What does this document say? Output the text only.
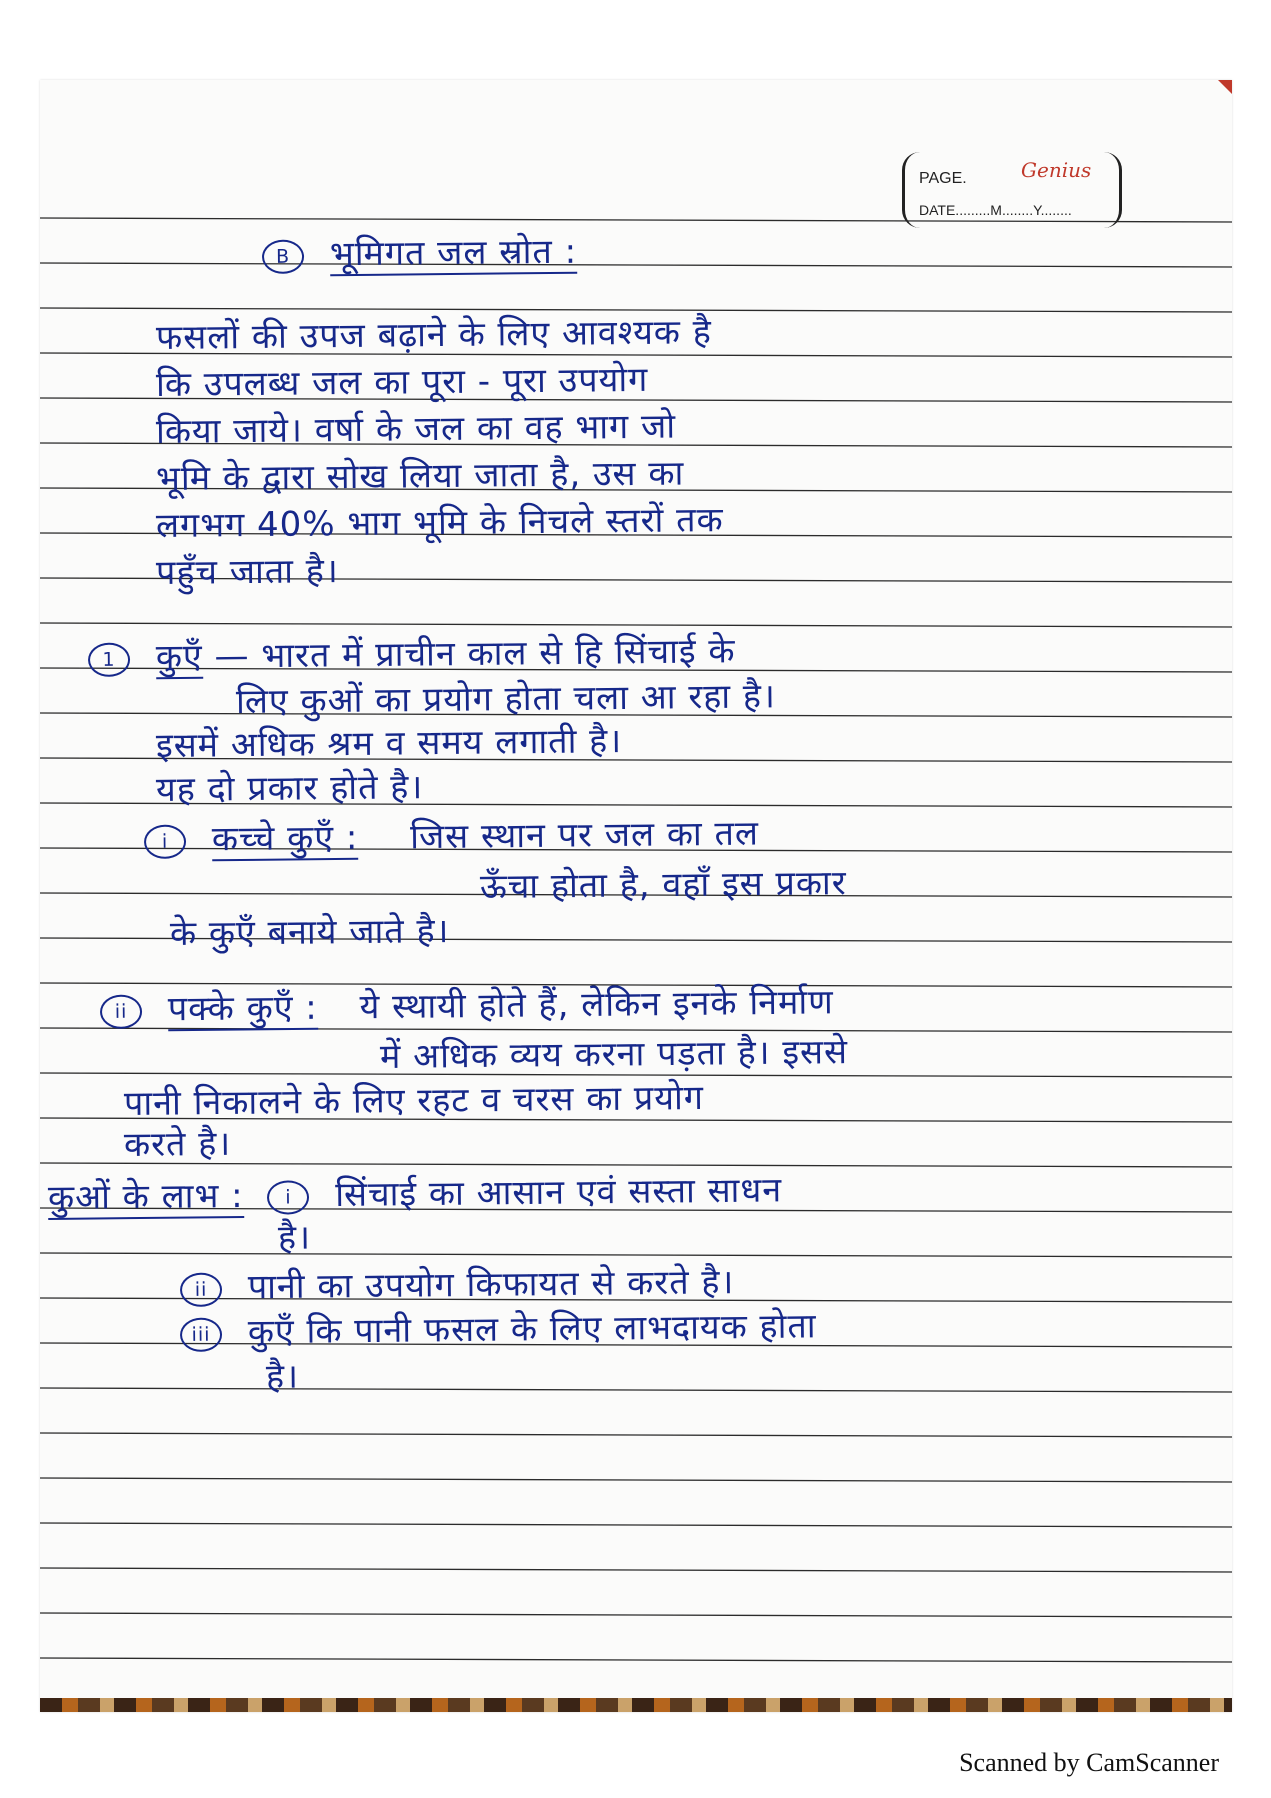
Genius
PAGE.
DATE.........M........Y........
B भूमिगत जल स्रोत :
फसलों की उपज बढ़ाने के लिए आवश्यक है
कि उपलब्ध जल का पूरा - पूरा उपयोग
किया जाये। वर्षा के जल का वह भाग जो
भूमि के द्वारा सोख लिया जाता है, उस का
लगभग 40% भाग भूमि के निचले स्तरों तक
पहुँच जाता है।
1 कुएँ — भारत में प्राचीन काल से हि सिंचाई के
लिए कुओं का प्रयोग होता चला आ रहा है।
इसमें अधिक श्रम व समय लगाती है।
यह दो प्रकार होते है।
i कच्चे कुएँ : जिस स्थान पर जल का तल
ऊँचा होता है, वहाँ इस प्रकार
के कुएँ बनाये जाते है।
ii पक्के कुएँ : ये स्थायी होते हैं, लेकिन इनके निर्माण
में अधिक व्यय करना पड़ता है। इससे
पानी निकालने के लिए रहट व चरस का प्रयोग
करते है।
कुओं के लाभ : i सिंचाई का आसान एवं सस्ता साधन
है।
ii पानी का उपयोग किफायत से करते है।
iii कुएँ कि पानी फसल के लिए लाभदायक होता
है।
Scanned by CamScanner
